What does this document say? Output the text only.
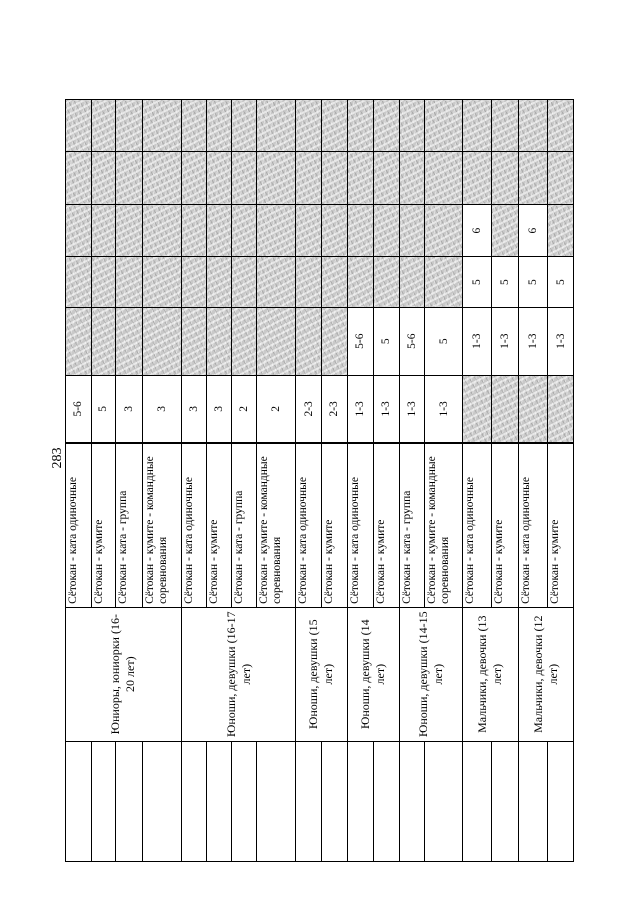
283
	Юниоры, юниорки (16-20 лет)	Сётокан - ката одиночные	5-6					
		Сётокан - кумите	5					
		Сётокан - ката - группа	3					
		Сётокан - кумите - командные соревнования	3					
	Юноши, девушки (16-17 лет)	Сётокан - ката одиночные	3					
		Сётокан - кумите	3					
		Сётокан - ката - группа	2					
		Сётокан - кумите - командные соревнования	2					
	Юноши, девушки (15 лет)	Сётокан - ката одиночные	2-3					
		Сётокан - кумите	2-3					
	Юноши, девушки (14 лет)	Сётокан - ката одиночные	1-3	5-6				
		Сётокан - кумите	1-3	5				
	Юноши, девушки (14-15 лет)	Сётокан - ката - группа	1-3	5-6				
		Сётокан - кумите - командные соревнования	1-3	5				
	Мальчики, девочки (13 лет)	Сётокан - ката одиночные		1-3	5	6		
		Сётокан - кумите		1-3	5			
	Мальчики, девочки (12 лет)	Сётокан - ката одиночные		1-3	5	6		
		Сётокан - кумите		1-3	5			
